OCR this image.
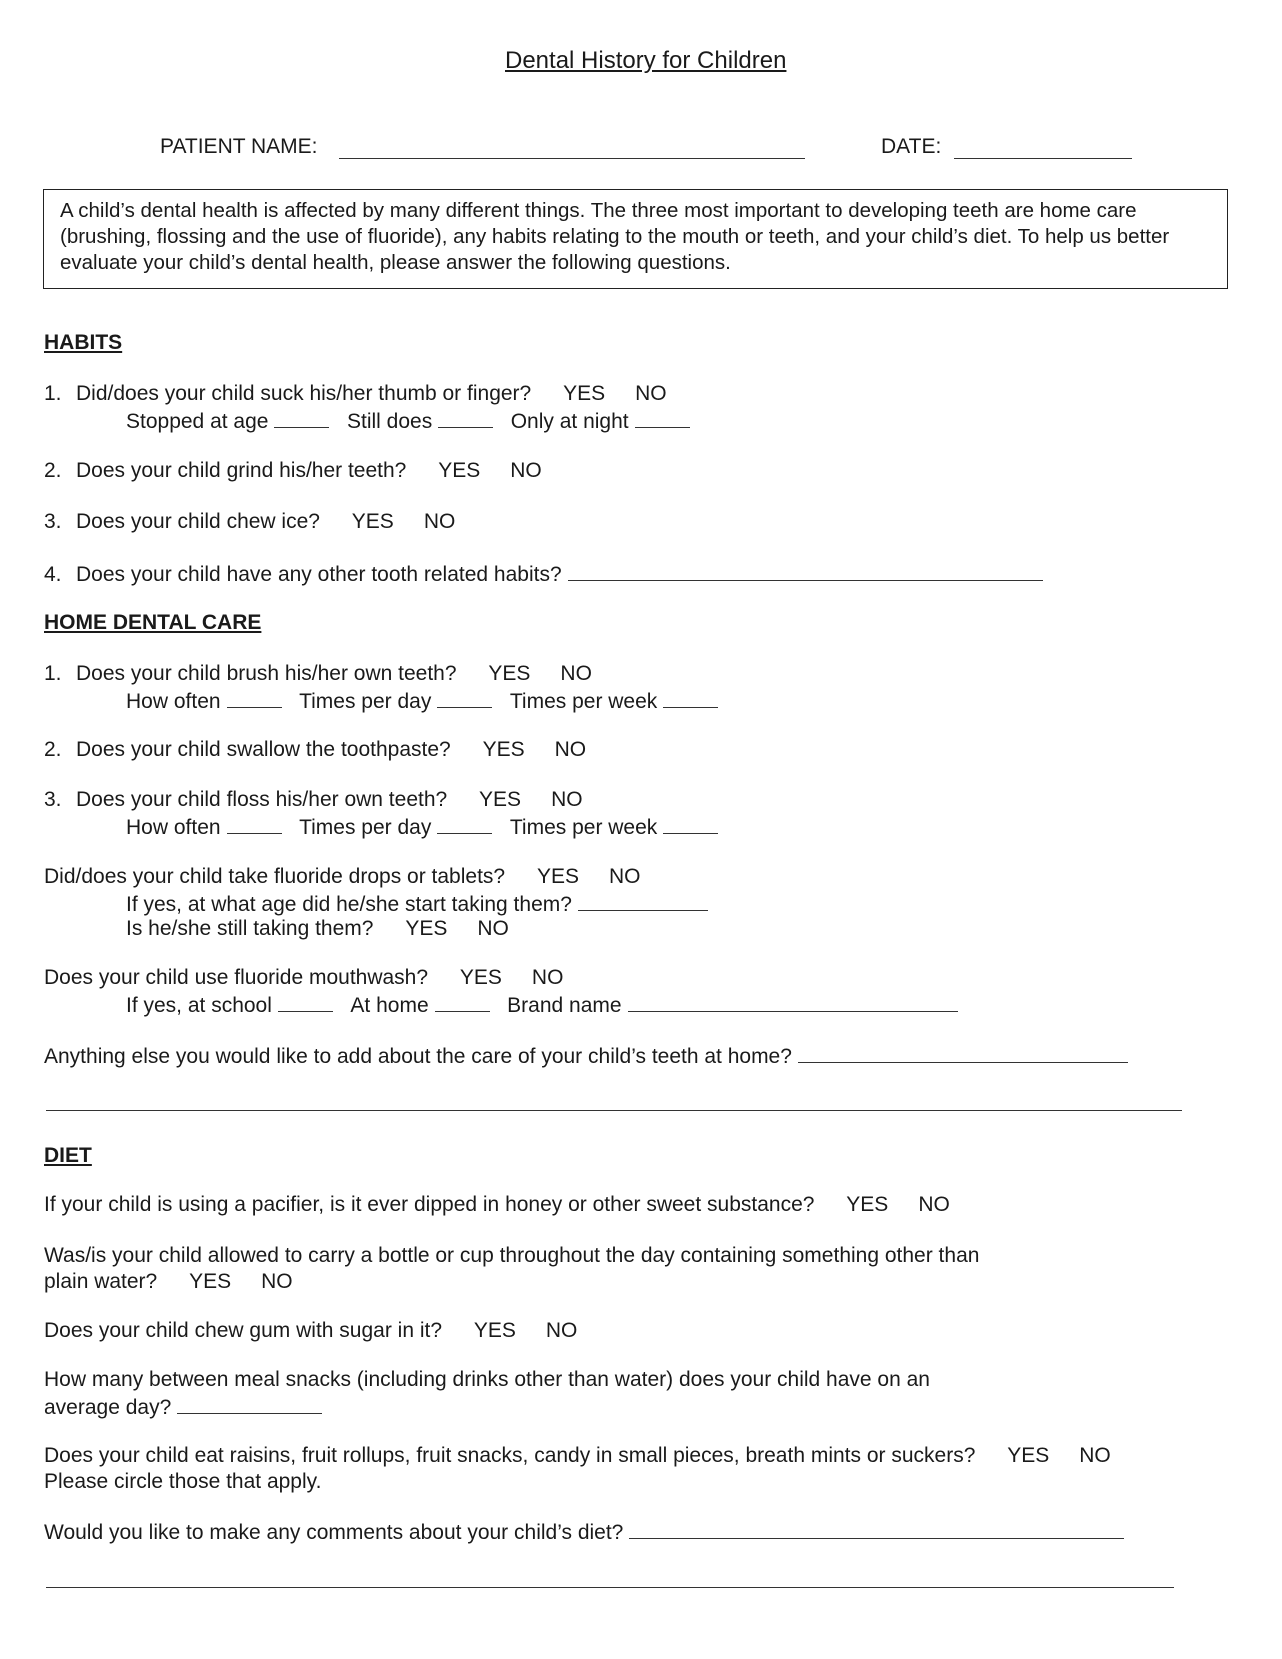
Dental History for Children
PATIENT NAME:	DATE:
A child’s dental health is affected by many different things. The three most important to developing teeth are home care (brushing, flossing and the use of fluoride), any habits relating to the mouth or teeth, and your child’s diet. To help us better evaluate your child’s dental health, please answer the following questions.
HABITS
1. Did/does your child suck his/her thumb or finger? YES NO
Stopped at age	Still does	Only at night
2. Does your child grind his/her teeth? YES NO
3. Does your child chew ice? YES NO
4. Does your child have any other tooth related habits?
HOME DENTAL CARE
1. Does your child brush his/her own teeth? YES NO
How often	Times per day	Times per week
2. Does your child swallow the toothpaste? YES NO
3. Does your child floss his/her own teeth? YES NO
How often	Times per day	Times per week
Did/does your child take fluoride drops or tablets? YES NO
If yes, at what age did he/she start taking them?
Is he/she still taking them? YES NO
Does your child use fluoride mouthwash? YES NO
If yes, at school	At home	Brand name
Anything else you would like to add about the care of your child’s teeth at home?
DIET
If your child is using a pacifier, is it ever dipped in honey or other sweet substance? YES NO
Was/is your child allowed to carry a bottle or cup throughout the day containing something other than
plain water? YES NO
Does your child chew gum with sugar in it? YES NO
How many between meal snacks (including drinks other than water) does your child have on an
average day?
Does your child eat raisins, fruit rollups, fruit snacks, candy in small pieces, breath mints or suckers? YES NO
Please circle those that apply.
Would you like to make any comments about your child’s diet?
